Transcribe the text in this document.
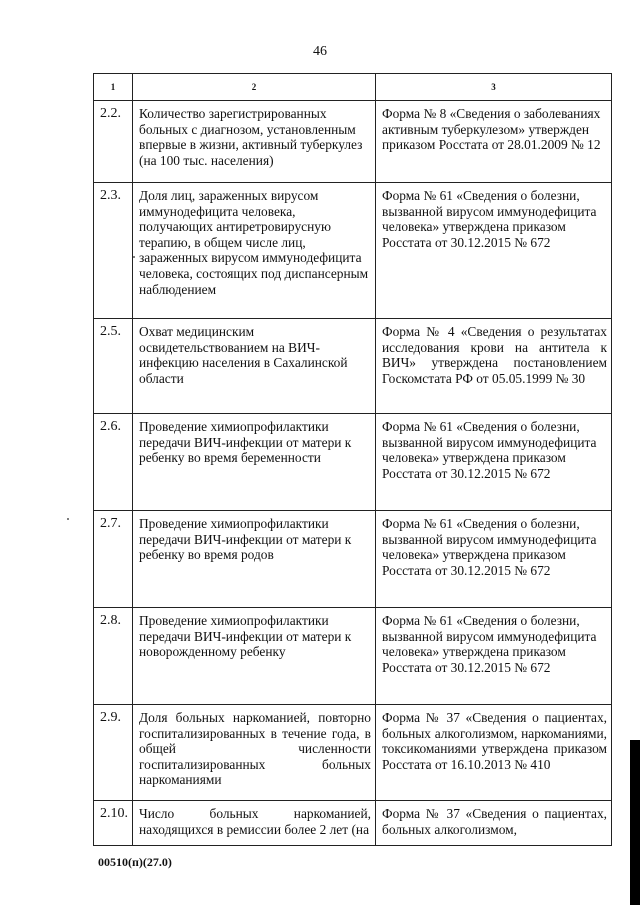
46
1	2	3
2.2.	Количество зарегистрированных больных с диагнозом, установленным впервые в жизни, активный туберкулез (на 100 тыс. населения)	Форма № 8 «Сведения о заболеваниях активным туберкулезом» утвержден приказом Росстата от 28.01.2009 № 12
2.3.	Доля лиц, зараженных вирусом иммунодефицита человека, получающих антиретровирусную терапию, в общем числе лиц, зараженных вирусом иммунодефицита человека, состоящих под диспансерным наблюдением	Форма № 61 «Сведения о болезни, вызванной вирусом иммунодефицита человека» утверждена приказом Росстата от 30.12.2015 № 672
2.5.	Охват медицинским освидетельствованием на ВИЧ-инфекцию населения в Сахалинской области	Форма № 4 «Сведения о результатах исследования крови на антитела к ВИЧ» утверждена постановлением Госкомстата РФ от 05.05.1999 № 30
2.6.	Проведение химиопрофилактики передачи ВИЧ-инфекции от матери к ребенку во время беременности	Форма № 61 «Сведения о болезни, вызванной вирусом иммунодефицита человека» утверждена приказом Росстата от 30.12.2015 № 672
2.7.	Проведение химиопрофилактики передачи ВИЧ-инфекции от матери к ребенку во время родов	Форма № 61 «Сведения о болезни, вызванной вирусом иммунодефицита человека» утверждена приказом Росстата от 30.12.2015 № 672
2.8.	Проведение химиопрофилактики передачи ВИЧ-инфекции от матери к новорожденному ребенку	Форма № 61 «Сведения о болезни, вызванной вирусом иммунодефицита человека» утверждена приказом Росстата от 30.12.2015 № 672
2.9.	Доля больных наркоманией, повторно госпитализированных в течение года, в общей численности госпитализированных больных наркоманиями	Форма № 37 «Сведения о пациентах, больных алкоголизмом, наркоманиями, токсикоманиями утверждена приказом Росстата от 16.10.2013 № 410
2.10.	Число больных наркоманией, находящихся в ремиссии более 2 лет (на	Форма № 37 «Сведения о пациентах, больных алкоголизмом,
00510(п)(27.0)
